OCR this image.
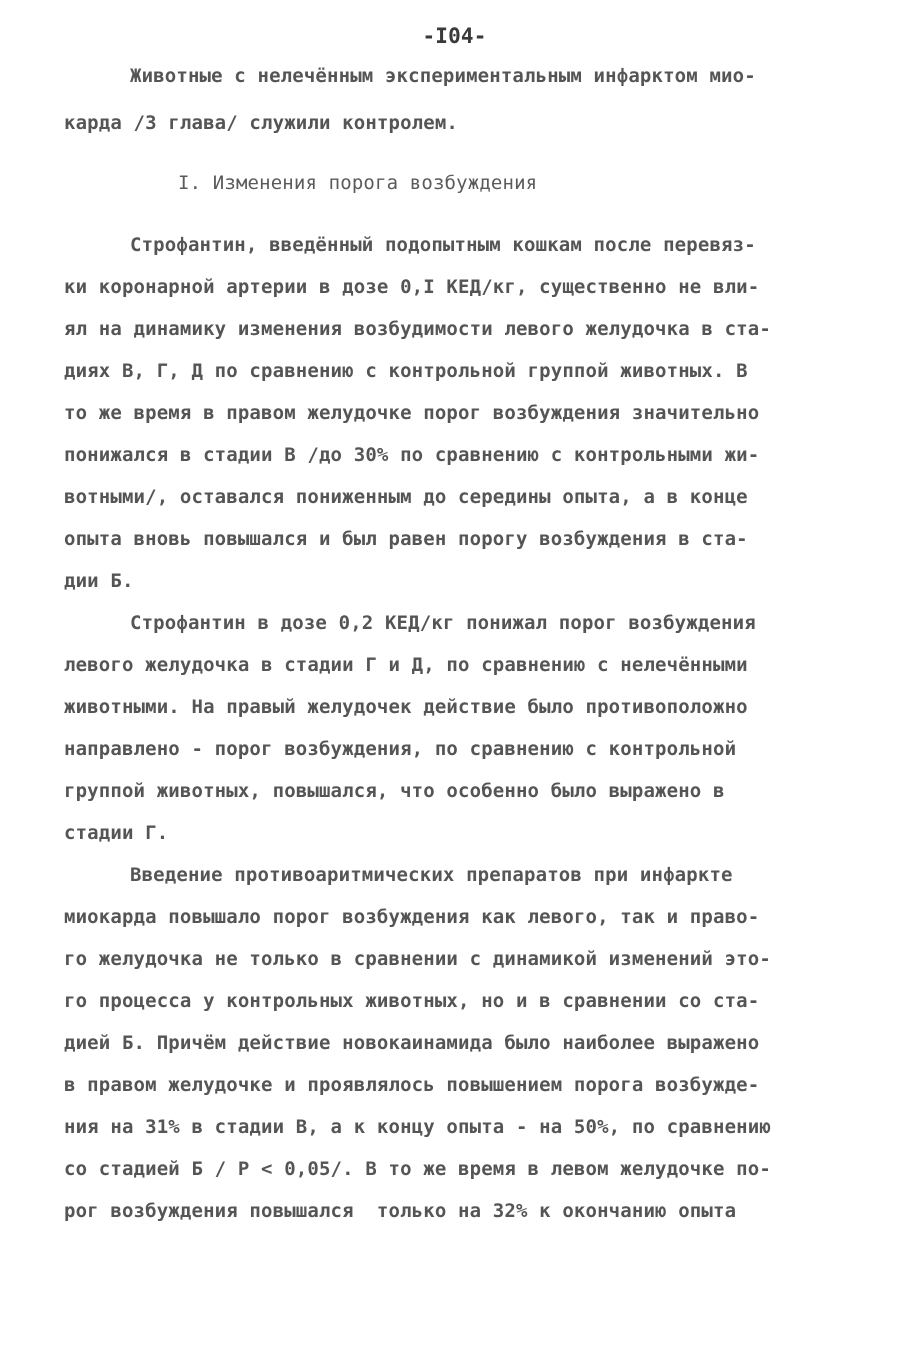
-I04-
Животные с нелечённым экспериментальным инфарктом мио-
карда /3 глава/ служили контролем.
I. Изменения порога возбуждения
Строфантин, введённый подопытным кошкам после перевяз-
ки коронарной артерии в дозе 0,I КЕД/кг, существенно не вли-
ял на динамику изменения возбудимости левого желудочка в ста-
диях В, Г, Д по сравнению с контрольной группой животных. В
то же время в правом желудочке порог возбуждения значительно
понижался в стадии В /до 30% по сравнению с контрольными жи-
вотными/, оставался пониженным до середины опыта, а в конце
опыта вновь повышался и был равен порогу возбуждения в ста-
дии Б.
Строфантин в дозе 0,2 КЕД/кг понижал порог возбуждения
левого желудочка в стадии Г и Д, по сравнению с нелечёнными
животными. На правый желудочек действие было противоположно
направлено - порог возбуждения, по сравнению с контрольной
группой животных, повышался, что особенно было выражено в
стадии Г.
Введение противоаритмических препаратов при инфаркте
миокарда повышало порог возбуждения как левого, так и право-
го желудочка не только в сравнении с динамикой изменений это-
го процесса у контрольных животных, но и в сравнении со ста-
дией Б. Причём действие новокаинамида было наиболее выражено
в правом желудочке и проявлялось повышением порога возбужде-
ния на 31% в стадии В, а к концу опыта - на 50%, по сравнению
со стадией Б / Р < 0,05/. В то же время в левом желудочке по-
рог возбуждения повышался  только на 32% к окончанию опыта
